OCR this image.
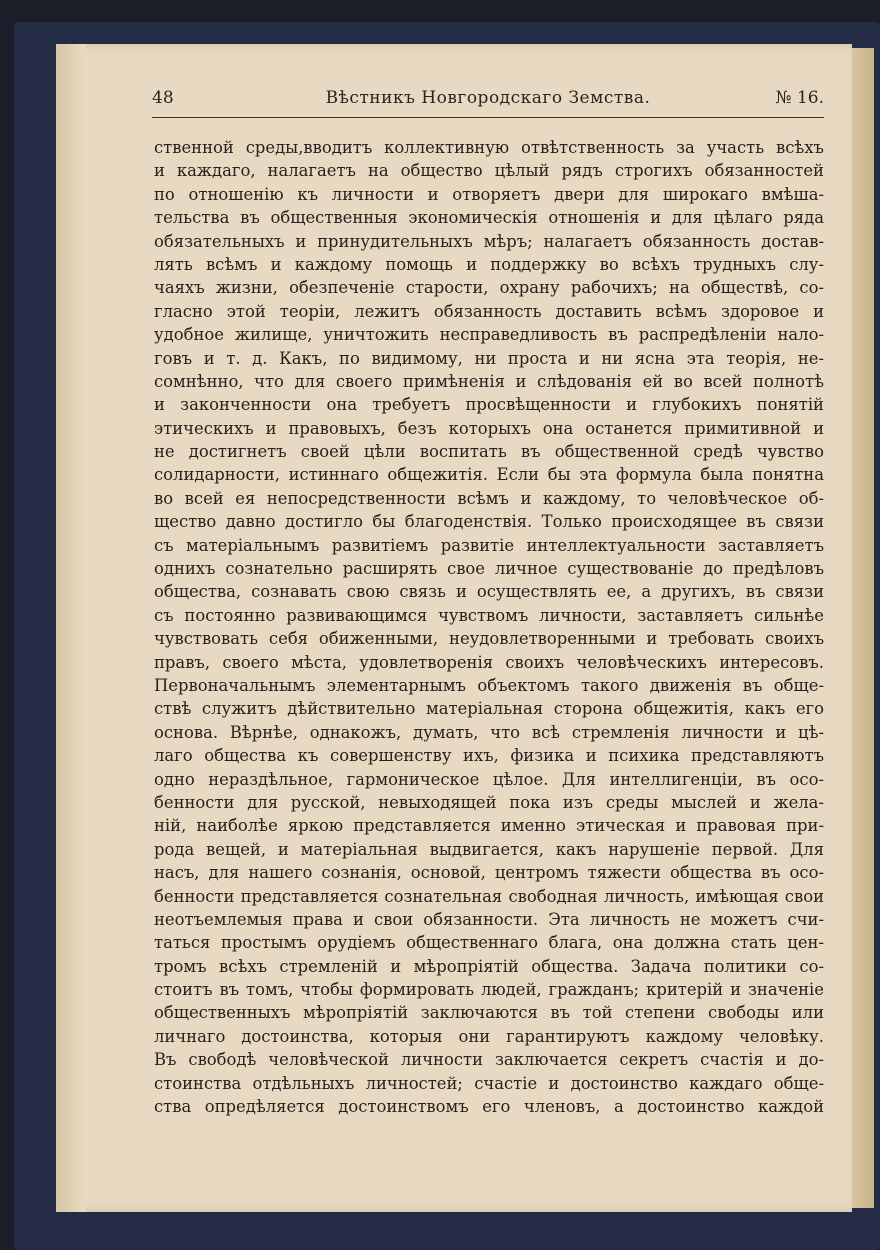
48	Вѣстникъ Новгородскаго Земства.	№ 16.
ственной среды,вводитъ коллективную отвѣтственность за участь всѣхъ
и каждаго, налагаетъ на общество цѣлый рядъ строгихъ обязанностей
по отношенію къ личности и отворяетъ двери для широкаго вмѣша-
тельства въ общественныя экономическія отношенія и для цѣлаго ряда
обязательныхъ и принудительныхъ мѣръ; налагаетъ обязанность достав-
лять всѣмъ и каждому помощь и поддержку во всѣхъ трудныхъ слу-
чаяхъ жизни, обезпеченіе старости, охрану рабочихъ; на обществѣ, со-
гласно этой теоріи, лежитъ обязанность доставить всѣмъ здоровое и
удобное жилище, уничтожить несправедливость въ распредѣленіи нало-
говъ и т. д. Какъ, по видимому, ни проста и ни ясна эта теорія, не-
сомнѣнно, что для своего примѣненія и слѣдованія ей во всей полнотѣ
и законченности она требуетъ просвѣщенности и глубокихъ понятій
этическихъ и правовыхъ, безъ которыхъ она останется примитивной и
не достигнетъ своей цѣли воспитать въ общественной средѣ чувство
солидарности, истиннаго общежитія. Если бы эта формула была понятна
во всей ея непосредственности всѣмъ и каждому, то человѣческое об-
щество давно достигло бы благоденствія. Только происходящее въ связи
съ матеріальнымъ развитіемъ развитіе интеллектуальности заставляетъ
однихъ сознательно расширять свое личное существованіе до предѣловъ
общества, сознавать свою связь и осуществлять ее, а другихъ, въ связи
съ постоянно развивающимся чувствомъ личности, заставляетъ сильнѣе
чувствовать себя обиженными, неудовлетворенными и требовать своихъ
правъ, своего мѣста, удовлетворенія своихъ человѣческихъ интересовъ.
Первоначальнымъ элементарнымъ объектомъ такого движенія въ обще-
ствѣ служитъ дѣйствительно матеріальная сторона общежитія, какъ его
основа. Вѣрнѣе, однакожъ, думать, что всѣ стремленія личности и цѣ-
лаго общества къ совершенству ихъ, физика и психика представляютъ
одно нераздѣльное, гармоническое цѣлое. Для интеллигенціи, въ осо-
бенности для русской, невыходящей пока изъ среды мыслей и жела-
ній, наиболѣе яркою представляется именно этическая и правовая при-
рода вещей, и матеріальная выдвигается, какъ нарушеніе первой. Для
насъ, для нашего сознанія, основой, центромъ тяжести общества въ осо-
бенности представляется сознательная свободная личность, имѣющая свои
неотъемлемыя права и свои обязанности. Эта личность не можетъ счи-
таться простымъ орудіемъ общественнаго блага, она должна стать цен-
тромъ всѣхъ стремленій и мѣропріятій общества. Задача политики со-
стоитъ въ томъ, чтобы формировать людей, гражданъ; критерій и значеніе
общественныхъ мѣропріятій заключаются въ той степени свободы или
личнаго достоинства, которыя они гарантируютъ каждому человѣку.
Въ свободѣ человѣческой личности заключается секретъ счастія и до-
стоинства отдѣльныхъ личностей; счастіе и достоинство каждаго обще-
ства опредѣляется достоинствомъ его членовъ, а достоинство каждой
